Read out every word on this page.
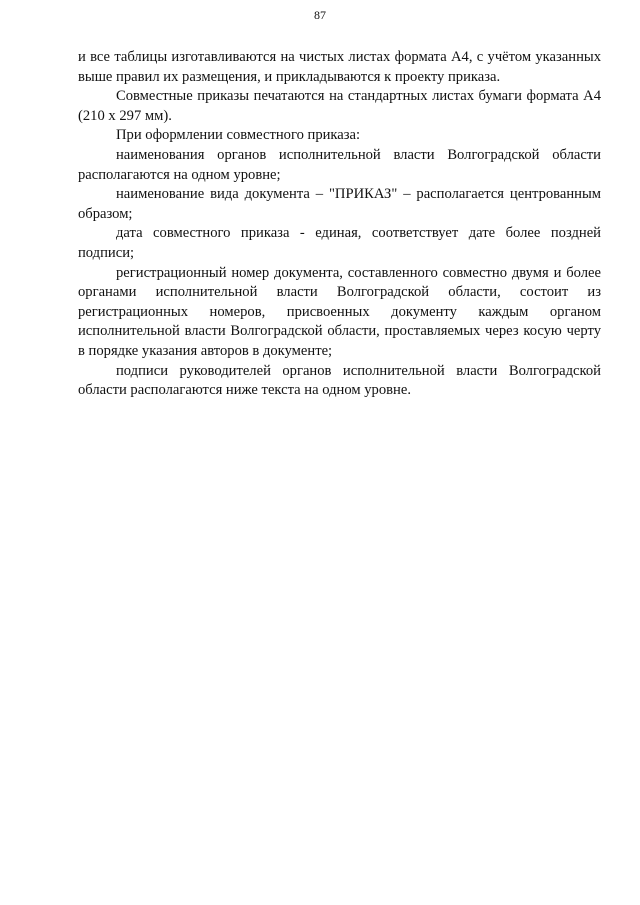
87

и все таблицы изготавливаются на чистых листах формата А4, с учётом указанных выше правил их размещения, и прикладываются к проекту приказа.

Совместные приказы печатаются на стандартных листах бумаги формата А4 (210 х 297 мм).

При оформлении совместного приказа:

наименования органов исполнительной власти Волгоградской области располагаются на одном уровне;

наименование вида документа – "ПРИКАЗ" – располагается центрованным образом;

дата совместного приказа - единая, соответствует дате более поздней подписи;

регистрационный номер документа, составленного совместно двумя и более органами исполнительной власти Волгоградской области, состоит из регистрационных номеров, присвоенных документу каждым органом исполнительной власти Волгоградской области, проставляемых через косую черту в порядке указания авторов в документе;

подписи руководителей органов исполнительной власти Волгоградской области располагаются ниже текста на одном уровне.
